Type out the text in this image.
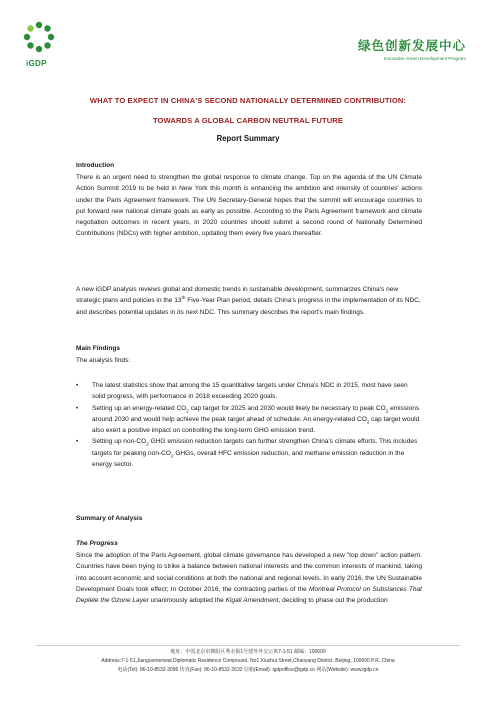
iGDP
绿色创新发展中心
Innovative Green Development Program
WHAT TO EXPECT IN CHINA'S SECOND NATIONALLY DETERMINED CONTRIBUTION:
TOWARDS A GLOBAL CARBON NEUTRAL FUTURE
Report Summary
Introduction
There is an urgent need to strengthen the global response to climate change. Top on the agenda of the UN Climate Action Summit 2019 to be held in New York this month is enhancing the ambition and intensity of countries' actions under the Paris Agreement framework. The UN Secretary-General hopes that the summit will encourage countries to put forward new national climate goals as early as possible. According to the Paris Agreement framework and climate negotiation outcomes in recent years, in 2020 countries should submit a second round of Nationally Determined Contributions (NDCs) with higher ambition, updating them every five years thereafter.
A new iGDP analysis reviews global and domestic trends in sustainable development, summarizes China's new strategic plans and policies in the 13th Five-Year Plan period, details China's progress in the implementation of its NDC, and describes potential updates in its next NDC. This summary describes the report's main findings.
Main Findings
The analysis finds:
• The latest statistics show that among the 15 quantitative targets under China's NDC in 2015, most have seen solid progress, with performance in 2018 exceeding 2020 goals.
• Setting up an energy-related $CO_2$ cap target for 2025 and 2030 would likely be necessary to peak $CO_2$ emissions around 2030 and would help achieve the peak target ahead of schedule. An energy-related $CO_2$ cap target would also exert a positive impact on controlling the long-term GHG emission trend.
• Setting up non-$CO_2$ GHG emission reduction targets can further strengthen China's climate efforts. This includes targets for peaking non-$CO_2$ GHGs, overall HFC emission reduction, and methane emission reduction in the energy sector.
Summary of Analysis
The Progress
Since the adoption of the Paris Agreement, global climate governance has developed a new "top down" action pattern. Countries have been trying to strike a balance between national interests and the common interests of mankind, taking into account economic and social conditions at both the national and regional levels. In early 2016, the UN Sustainable Development Goals took effect; In October 2016, the contracting parties of the Montreal Protocol on Substances That Deplete the Ozone Layer unanimously adopted the Kigali Amendment, deciding to phase out the production
地址：中国北京市朝阳区秀水街1号建外外交公寓7-1-51 邮编：100600
Address:7-1-51,Jianguomenwai Diplomatic Residence Compound, No1 Xiushui Street,Chaoyang District, Beijing, 100600 P.R. China
电话(Tel): 86-10-8532-3096 传真(Fax): 86-10-8532-2632 信箱(Email): igdpoffice@igdp.cn 网站(Website): www.igdp.cn
